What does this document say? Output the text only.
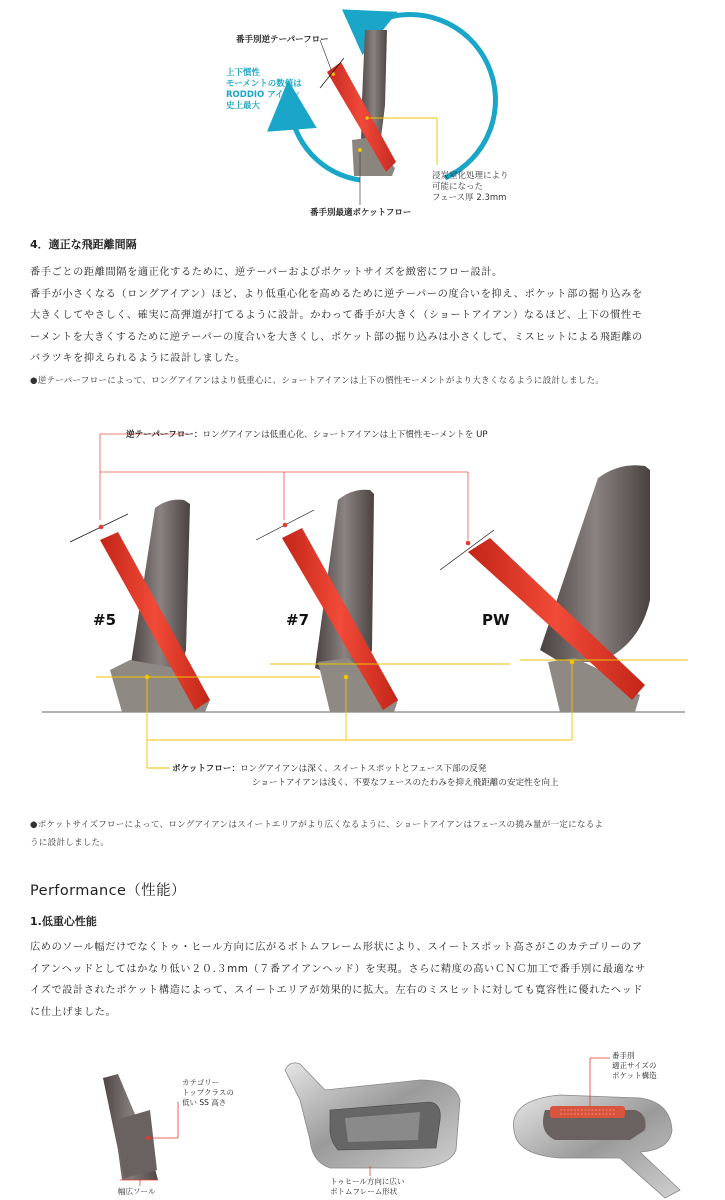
番手別逆テーパーフロー
上下慣性
モーメントの数値は
RODDIO アイアン
史上最大
浸炭窒化処理により
可能になった
フェース厚 2.3mm
番手別最適ポケットフロー
4．適正な飛距離間隔
番手ごとの距離間隔を適正化するために、逆テーパーおよびポケットサイズを緻密にフロー設計。
番手が小さくなる（ロングアイアン）ほど、より低重心化を高めるために逆テーパーの度合いを抑え、ポケット部の掘り込みを
大きくしてやさしく、確実に高弾道が打てるように設計。かわって番手が大きく（ショートアイアン）なるほど、上下の慣性モ
ーメントを大きくするために逆テーパーの度合いを大きくし、ポケット部の掘り込みは小さくして、ミスヒットによる飛距離の
バラツキを抑えられるように設計しました。
●逆テーパーフローによって、ロングアイアンはより低重心に、ショートアイアンは上下の慣性モーメントがより大きくなるように設計しました。
逆テーパーフロー：ロングアイアンは低重心化、ショートアイアンは上下慣性モーメントを UP
#5	#7	PW
ポケットフロー：ロングアイアンは深く、スイートスポットとフェース下部の反発
ショートアイアンは浅く、不要なフェースのたわみを抑え飛距離の安定性を向上
●ポケットサイズフローによって、ロングアイアンはスイートエリアがより広くなるように、ショートアイアンはフェースの撓み量が一定になるよ
うに設計しました。
Performance（性能）
1.低重心性能
広めのソール幅だけでなくトゥ・ヒール方向に広がるボトムフレーム形状により、スイートスポット高さがこのカテゴリーのア
イアンヘッドとしてはかなり低い２０.３mm（７番アイアンヘッド）を実現。さらに精度の高いＣＮＣ加工で番手別に最適なサ
イズで設計されたポケット構造によって、スイートエリアが効果的に拡大。左右のミスヒットに対しても寛容性に優れたヘッド
に仕上げました。
カテゴリー
トップクラスの
低い SS 高さ
幅広ソール
トゥヒール方向に広い
ボトムフレーム形状
番手別
適正サイズの
ポケット構造
